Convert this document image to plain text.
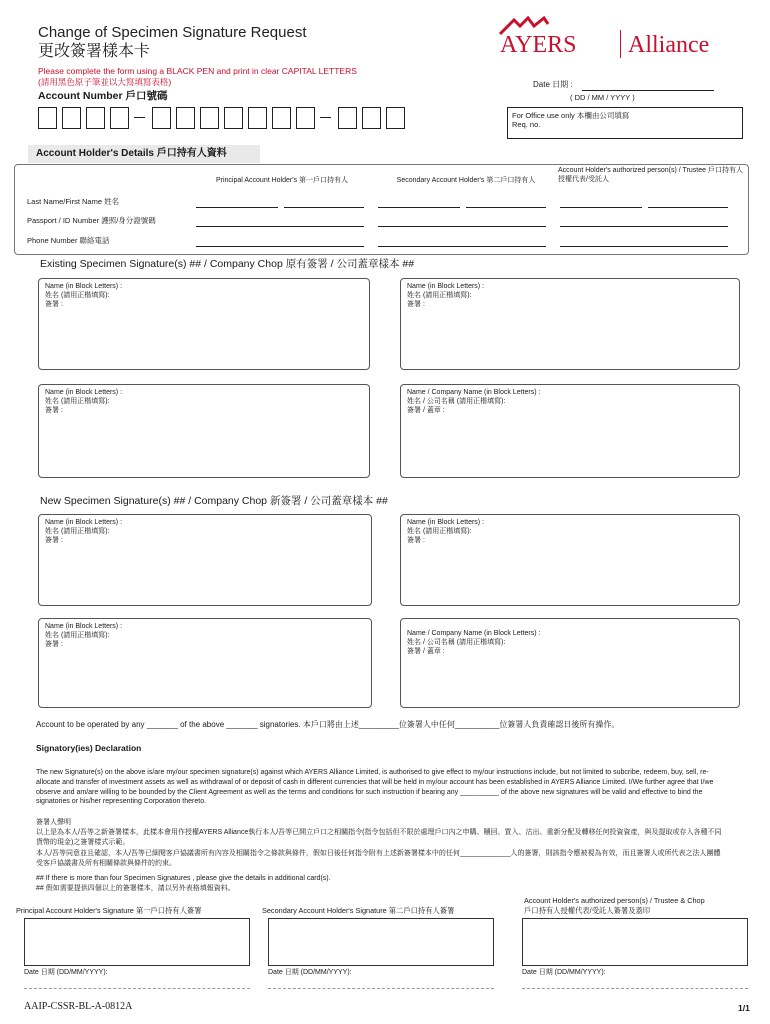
Change of Specimen Signature Request
更改簽署樣本卡
Please complete the form using a BLACK PEN and print in clear CAPITAL LETTERS
(請用黑色原子筆並以大寫填寫表格)
Account Number 戶口號碼
AYERS Alliance
Date 日期 :
( DD / MM / YYYY )
For Office use only 本欄由公司填寫
Req. no.
Account Holder's Details 戶口持有人資料
Principal Account Holder's 第一戶口持有人	Secondary Account Holder's 第二戶口持有人
Account Holder's authorized person(s) / Trustee 戶口持有人授權代表/受託人
Last Name/First Name 姓名
Passport / ID Number 護照/身分證號碼
Phone Number 聯絡電話
Existing Specimen Signature(s) ## / Company Chop 原有簽署 / 公司蓋章樣本 ##
Name (in Block Letters) :
姓名 (請用正楷填寫):
簽署 :
Name (in Block Letters) :
姓名 (請用正楷填寫):
簽署 :
Name (in Block Letters) :
姓名 (請用正楷填寫):
簽署 :
Name / Company Name (in Block Letters) :
姓名 / 公司名稱 (請用正楷填寫):
簽署 / 蓋章 :
New Specimen Signature(s) ## / Company Chop 新簽署 / 公司蓋章樣本 ##
Name (in Block Letters) :
姓名 (請用正楷填寫):
簽署 :
Name (in Block Letters) :
姓名 (請用正楷填寫):
簽署 :
Name (in Block Letters) :
姓名 (請用正楷填寫):
簽署 :
Name / Company Name (in Block Letters) :
姓名 / 公司名稱 (請用正楷填寫):
簽署 / 蓋章 :
Account to be operated by any _______ of the above _______ signatories. 本戶口將由上述_________位簽署人中任何__________位簽署人負責確認日後所有操作。
Signatory(ies) Declaration
The new Signature(s) on the above is/are my/our specimen signature(s) against which AYERS Alliance Limited, is authorised to give effect to my/our instructions include, but not limited to subcribe, redeem, buy, sell, re-allocate and transfer of investment assets as well as withdrawal of or deposit of cash in different currencies that will be held in my/our account has been established in AYERS Alliance Limited. I/We further agree that I/we observe and am/are willing to be bounded by the Client Agreement as well as the terms and conditions for such instruction if bearing any __________ of the above new signatures will be valid and effective to bind the signatories or his/her representing Corporation thereto.
簽署人聲明
以上是為本人/吾等之新簽署樣本，此樣本會用作授權AYERS Alliance執行本人/吾等已開立戶口之相關指令(指令包括但不限於處理戶口內之申購、贖回、買入、沽出、重新分配及轉移任何投資資產，與及提取或存入各種不同貨幣的現金)之簽署樣式示範。
本人/吾等同意並且確認，本人/吾等已細閱客戶協議書所有內容及相關指令之條款與條件，假如日後任何指令附有上述新簽署樣本中的任何_____________人的簽署，則該指令應被視為有效，而且簽署人或所代表之法人團體受客戶協議書及所有相關條款與條件的約束。
## If there is more than four Specimen Signatures , please give the details in additional card(s).
## 假如需要提供四個以上的簽署樣本，請以另外表格填報資料。
Principal Account Holder's Signature 第一戶口持有人簽署	Secondary Account Holder's Signature 第二戶口持有人簽署
Account Holder's authorized person(s) / Trustee & Chop
戶口持有人授權代表/受託人簽署及蓋印
Date 日期 (DD/MM/YYYY):	Date 日期 (DD/MM/YYYY):	Date 日期 (DD/MM/YYYY):
AAIP-CSSR-BL-A-0812A	1/1
